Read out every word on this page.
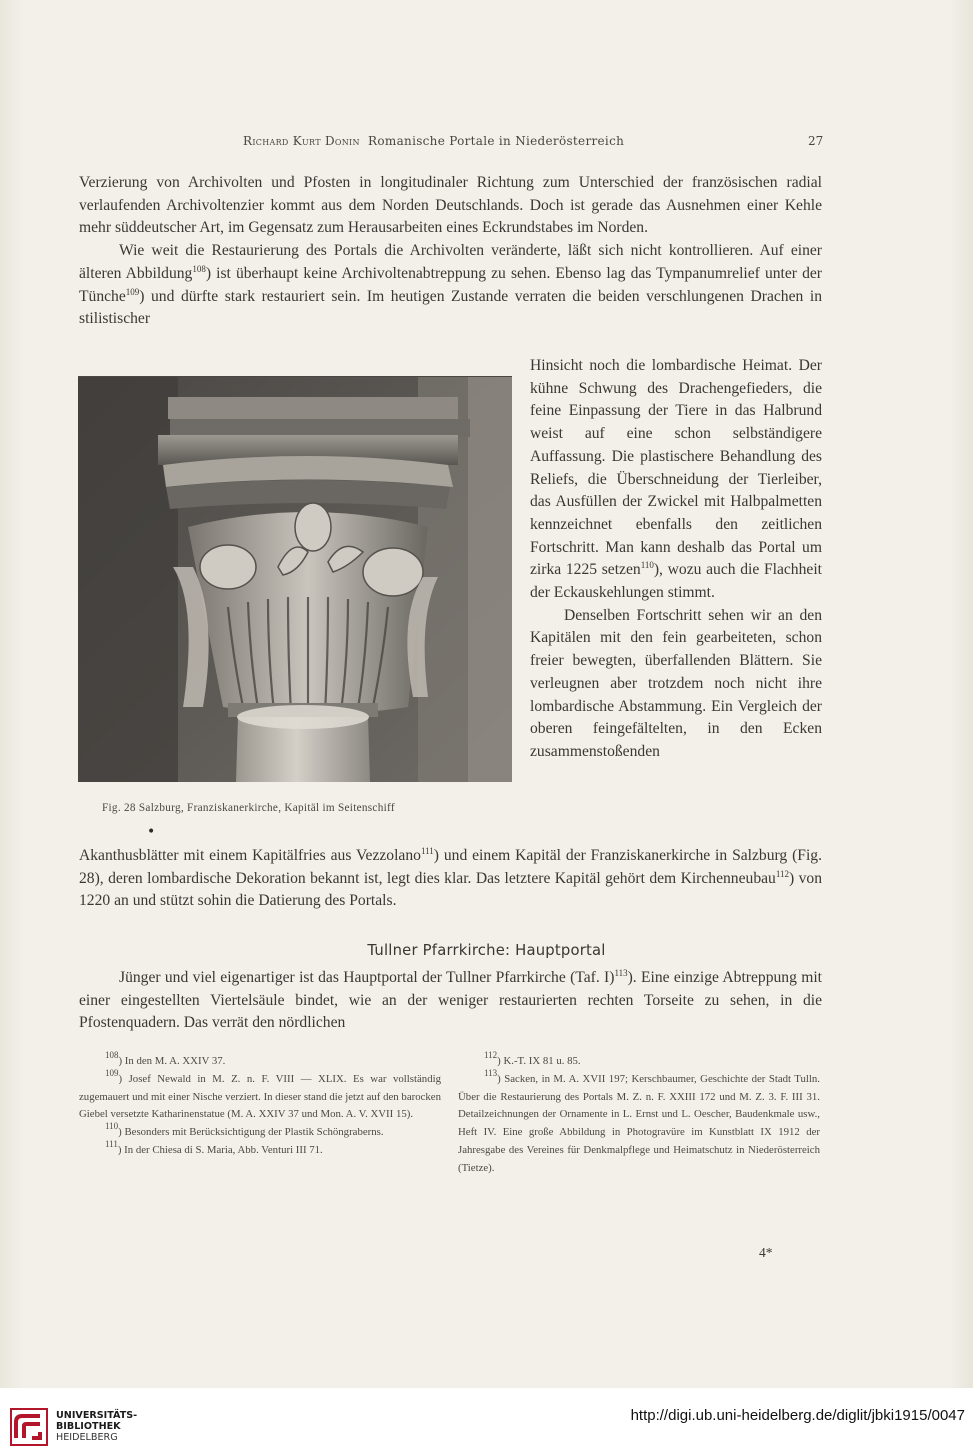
Richard Kurt Donin Romanische Portale in Niederösterreich	27

Verzierung von Archivolten und Pfosten in longitudinaler Richtung zum Unterschied der französischen radial verlaufenden Archivoltenzier kommt aus dem Norden Deutschlands. Doch ist gerade das Ausnehmen einer Kehle mehr süddeutscher Art, im Gegensatz zum Herausarbeiten eines Eckrundstabes im Norden.

Wie weit die Restaurierung des Portals die Archivolten veränderte, läßt sich nicht kontrollieren. Auf einer älteren Abbildung$^{108}$) ist überhaupt keine Archivoltenabtreppung zu sehen. Ebenso lag das Tympanumrelief unter der Tünche$^{109}$) und dürfte stark restauriert sein. Im heutigen Zustande verraten die beiden verschlungenen Drachen in stilistischer

Hinsicht noch die lombardische Heimat. Der kühne Schwung des Drachengefieders, die feine Einpassung der Tiere in das Halbrund weist auf eine schon selbständigere Auffassung. Die plastischere Behandlung des Reliefs, die Überschneidung der Tierleiber, das Ausfüllen der Zwickel mit Halbpalmetten kennzeichnet ebenfalls den zeitlichen Fortschritt. Man kann deshalb das Portal um zirka 1225 setzen$^{110}$), wozu auch die Flachheit der Eckauskehlungen stimmt.

Denselben Fortschritt sehen wir an den Kapitälen mit den fein gearbeiteten, schon freier bewegten, überfallenden Blättern. Sie verleugnen aber trotzdem noch nicht ihre lombardische Abstammung. Ein Vergleich der oberen feingefältelten, in den Ecken zusammenstoßenden

Fig. 28 Salzburg, Franziskanerkirche, Kapitäl im Seitenschiff
•

Akanthusblätter mit einem Kapitälfries aus Vezzolano$^{111}$) und einem Kapitäl der Franziskanerkirche in Salzburg (Fig. 28), deren lombardische Dekoration bekannt ist, legt dies klar. Das letztere Kapitäl gehört dem Kirchenneubau$^{112}$) von 1220 an und stützt sohin die Datierung des Portals.

Tullner Pfarrkirche: Hauptportal

Jünger und viel eigenartiger ist das Hauptportal der Tullner Pfarrkirche (Taf. I)$^{113}$). Eine einzige Abtreppung mit einer eingestellten Viertelsäule bindet, wie an der weniger restaurierten rechten Torseite zu sehen, in die Pfostenquadern. Das verrät den nördlichen

$^{108}$) In den M. A. XXIV 37.

$^{109}$) Josef Newald in M. Z. n. F. VIII — XLIX. Es war vollständig zugemauert und mit einer Nische verziert. In dieser stand die jetzt auf den barocken Giebel versetzte Katharinenstatue (M. A. XXIV 37 und Mon. A. V. XVII 15).

$^{110}$) Besonders mit Berücksichtigung der Plastik Schöngraberns.

$^{111}$) In der Chiesa di S. Maria, Abb. Venturi III 71.

$^{112}$) K.-T. IX 81 u. 85.

$^{113}$) Sacken, in M. A. XVII 197; Kerschbaumer, Geschichte der Stadt Tulln. Über die Restaurierung des Portals M. Z. n. F. XXIII 172 und M. Z. 3. F. III 31. Detailzeichnungen der Ornamente in L. Ernst und L. Oescher, Baudenkmale usw., Heft IV. Eine große Abbildung in Photogravüre im Kunstblatt IX 1912 der Jahresgabe des Vereines für Denkmalpflege und Heimatschutz in Niederösterreich (Tietze).

4*
UNIVERSITÄTS-
BIBLIOTHEK
HEIDELBERG
http://digi.ub.uni-heidelberg.de/diglit/jbki1915/0047
